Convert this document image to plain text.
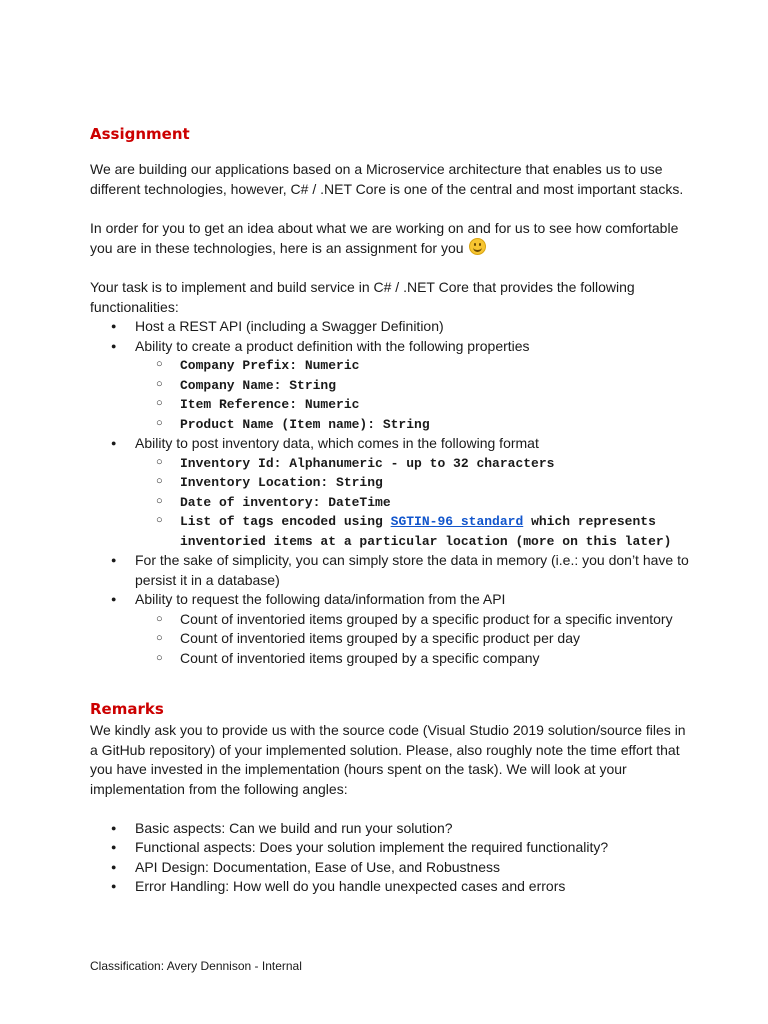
Assignment

We are building our applications based on a Microservice architecture that enables us to use different technologies, however, C# / .NET Core is one of the central and most important stacks.

In order for you to get an idea about what we are working on and for us to see how comfortable you are in these technologies, here is an assignment for you

Your task is to implement and build service in C# / .NET Core that provides the following functionalities:

● Host a REST API (including a Swagger Definition)
● Ability to create a product definition with the following properties
○ Company Prefix: Numeric
○ Company Name: String
○ Item Reference: Numeric
○ Product Name (Item name): String
● Ability to post inventory data, which comes in the following format
○ Inventory Id: Alphanumeric - up to 32 characters
○ Inventory Location: String
○ Date of inventory: DateTime
○ List of tags encoded using SGTIN-96 standard which represents inventoried items at a particular location (more on this later)
● For the sake of simplicity, you can simply store the data in memory (i.e.: you don’t have to persist it in a database)
● Ability to request the following data/information from the API
○ Count of inventoried items grouped by a specific product for a specific inventory
○ Count of inventoried items grouped by a specific product per day
○ Count of inventoried items grouped by a specific company
Remarks

We kindly ask you to provide us with the source code (Visual Studio 2019 solution/source files in a GitHub repository) of your implemented solution. Please, also roughly note the time effort that you have invested in the implementation (hours spent on the task). We will look at your implementation from the following angles:

● Basic aspects: Can we build and run your solution?
● Functional aspects: Does your solution implement the required functionality?
● API Design: Documentation, Ease of Use, and Robustness
● Error Handling: How well do you handle unexpected cases and errors
Classification: Avery Dennison - Internal
